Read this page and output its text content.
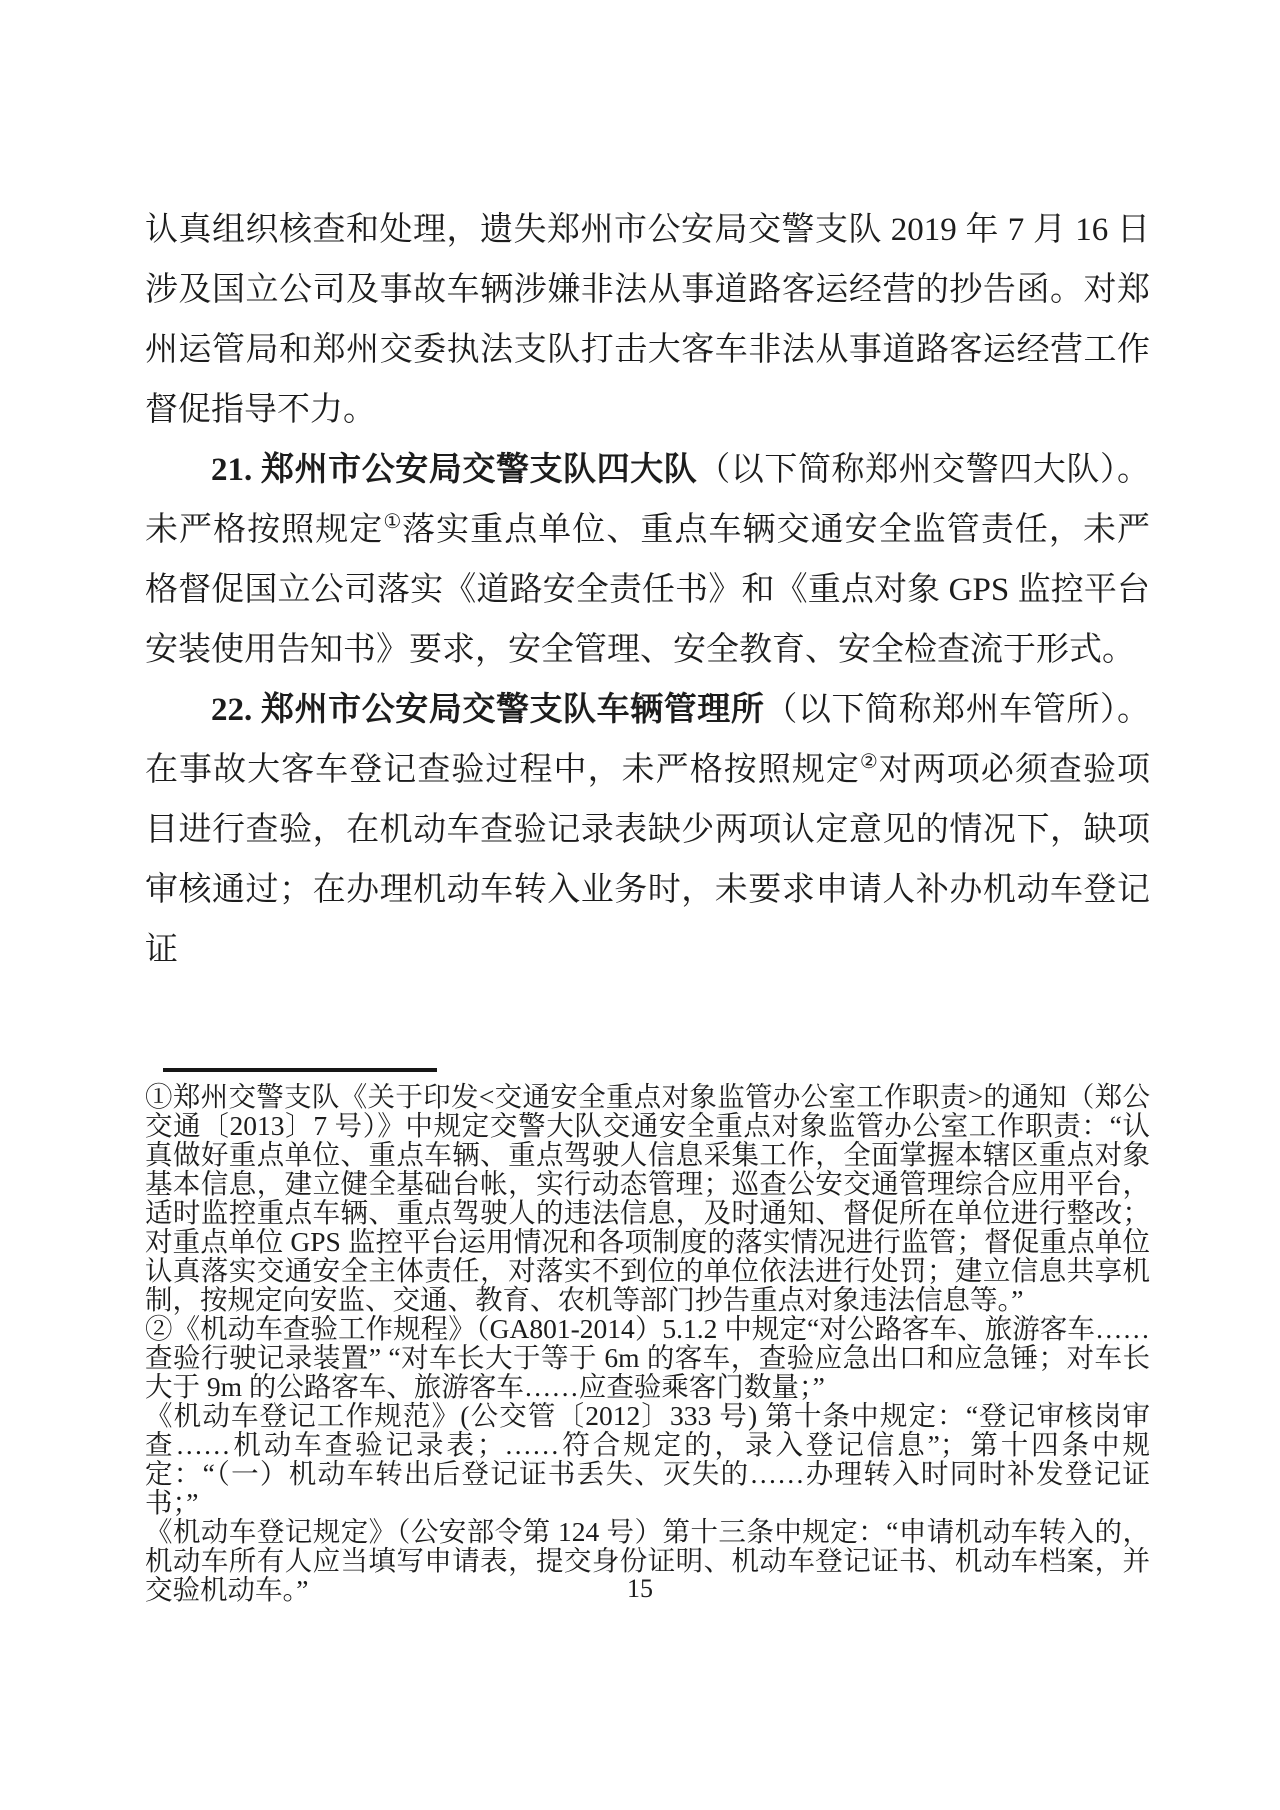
认真组织核查和处理，遗失郑州市公安局交警支队 2019 年 7 月 16 日涉及国立公司及事故车辆涉嫌非法从事道路客运经营的抄告函。对郑州运管局和郑州交委执法支队打击大客车非法从事道路客运经营工作督促指导不力。

21. 郑州市公安局交警支队四大队（以下简称郑州交警四大队）。未严格按照规定①落实重点单位、重点车辆交通安全监管责任，未严格督促国立公司落实《道路安全责任书》和《重点对象 GPS 监控平台安装使用告知书》要求，安全管理、安全教育、安全检查流于形式。

22. 郑州市公安局交警支队车辆管理所（以下简称郑州车管所）。在事故大客车登记查验过程中，未严格按照规定②对两项必须查验项目进行查验，在机动车查验记录表缺少两项认定意见的情况下，缺项审核通过；在办理机动车转入业务时，未要求申请人补办机动车登记证

①郑州交警支队《关于印发<交通安全重点对象监管办公室工作职责>的通知（郑公交通〔2013〕7 号）》中规定交警大队交通安全重点对象监管办公室工作职责：“认真做好重点单位、重点车辆、重点驾驶人信息采集工作，全面掌握本辖区重点对象基本信息，建立健全基础台帐，实行动态管理；巡查公安交通管理综合应用平台，适时监控重点车辆、重点驾驶人的违法信息，及时通知、督促所在单位进行整改；对重点单位 GPS 监控平台运用情况和各项制度的落实情况进行监管；督促重点单位认真落实交通安全主体责任，对落实不到位的单位依法进行处罚；建立信息共享机制，按规定向安监、交通、教育、农机等部门抄告重点对象违法信息等。”

②《机动车查验工作规程》（GA801-2014）5.1.2 中规定“对公路客车、旅游客车……查验行驶记录装置” “对车长大于等于 6m 的客车，查验应急出口和应急锤；对车长大于 9m 的公路客车、旅游客车……应查验乘客门数量；”

《机动车登记工作规范》(公交管〔2012〕333 号) 第十条中规定：“登记审核岗审查……机动车查验记录表；……符合规定的，录入登记信息”；第十四条中规定：“（一）机动车转出后登记证书丢失、灭失的……办理转入时同时补发登记证书；”

《机动车登记规定》（公安部令第 124 号）第十三条中规定：“申请机动车转入的，机动车所有人应当填写申请表，提交身份证明、机动车登记证书、机动车档案，并交验机动车。”	15
